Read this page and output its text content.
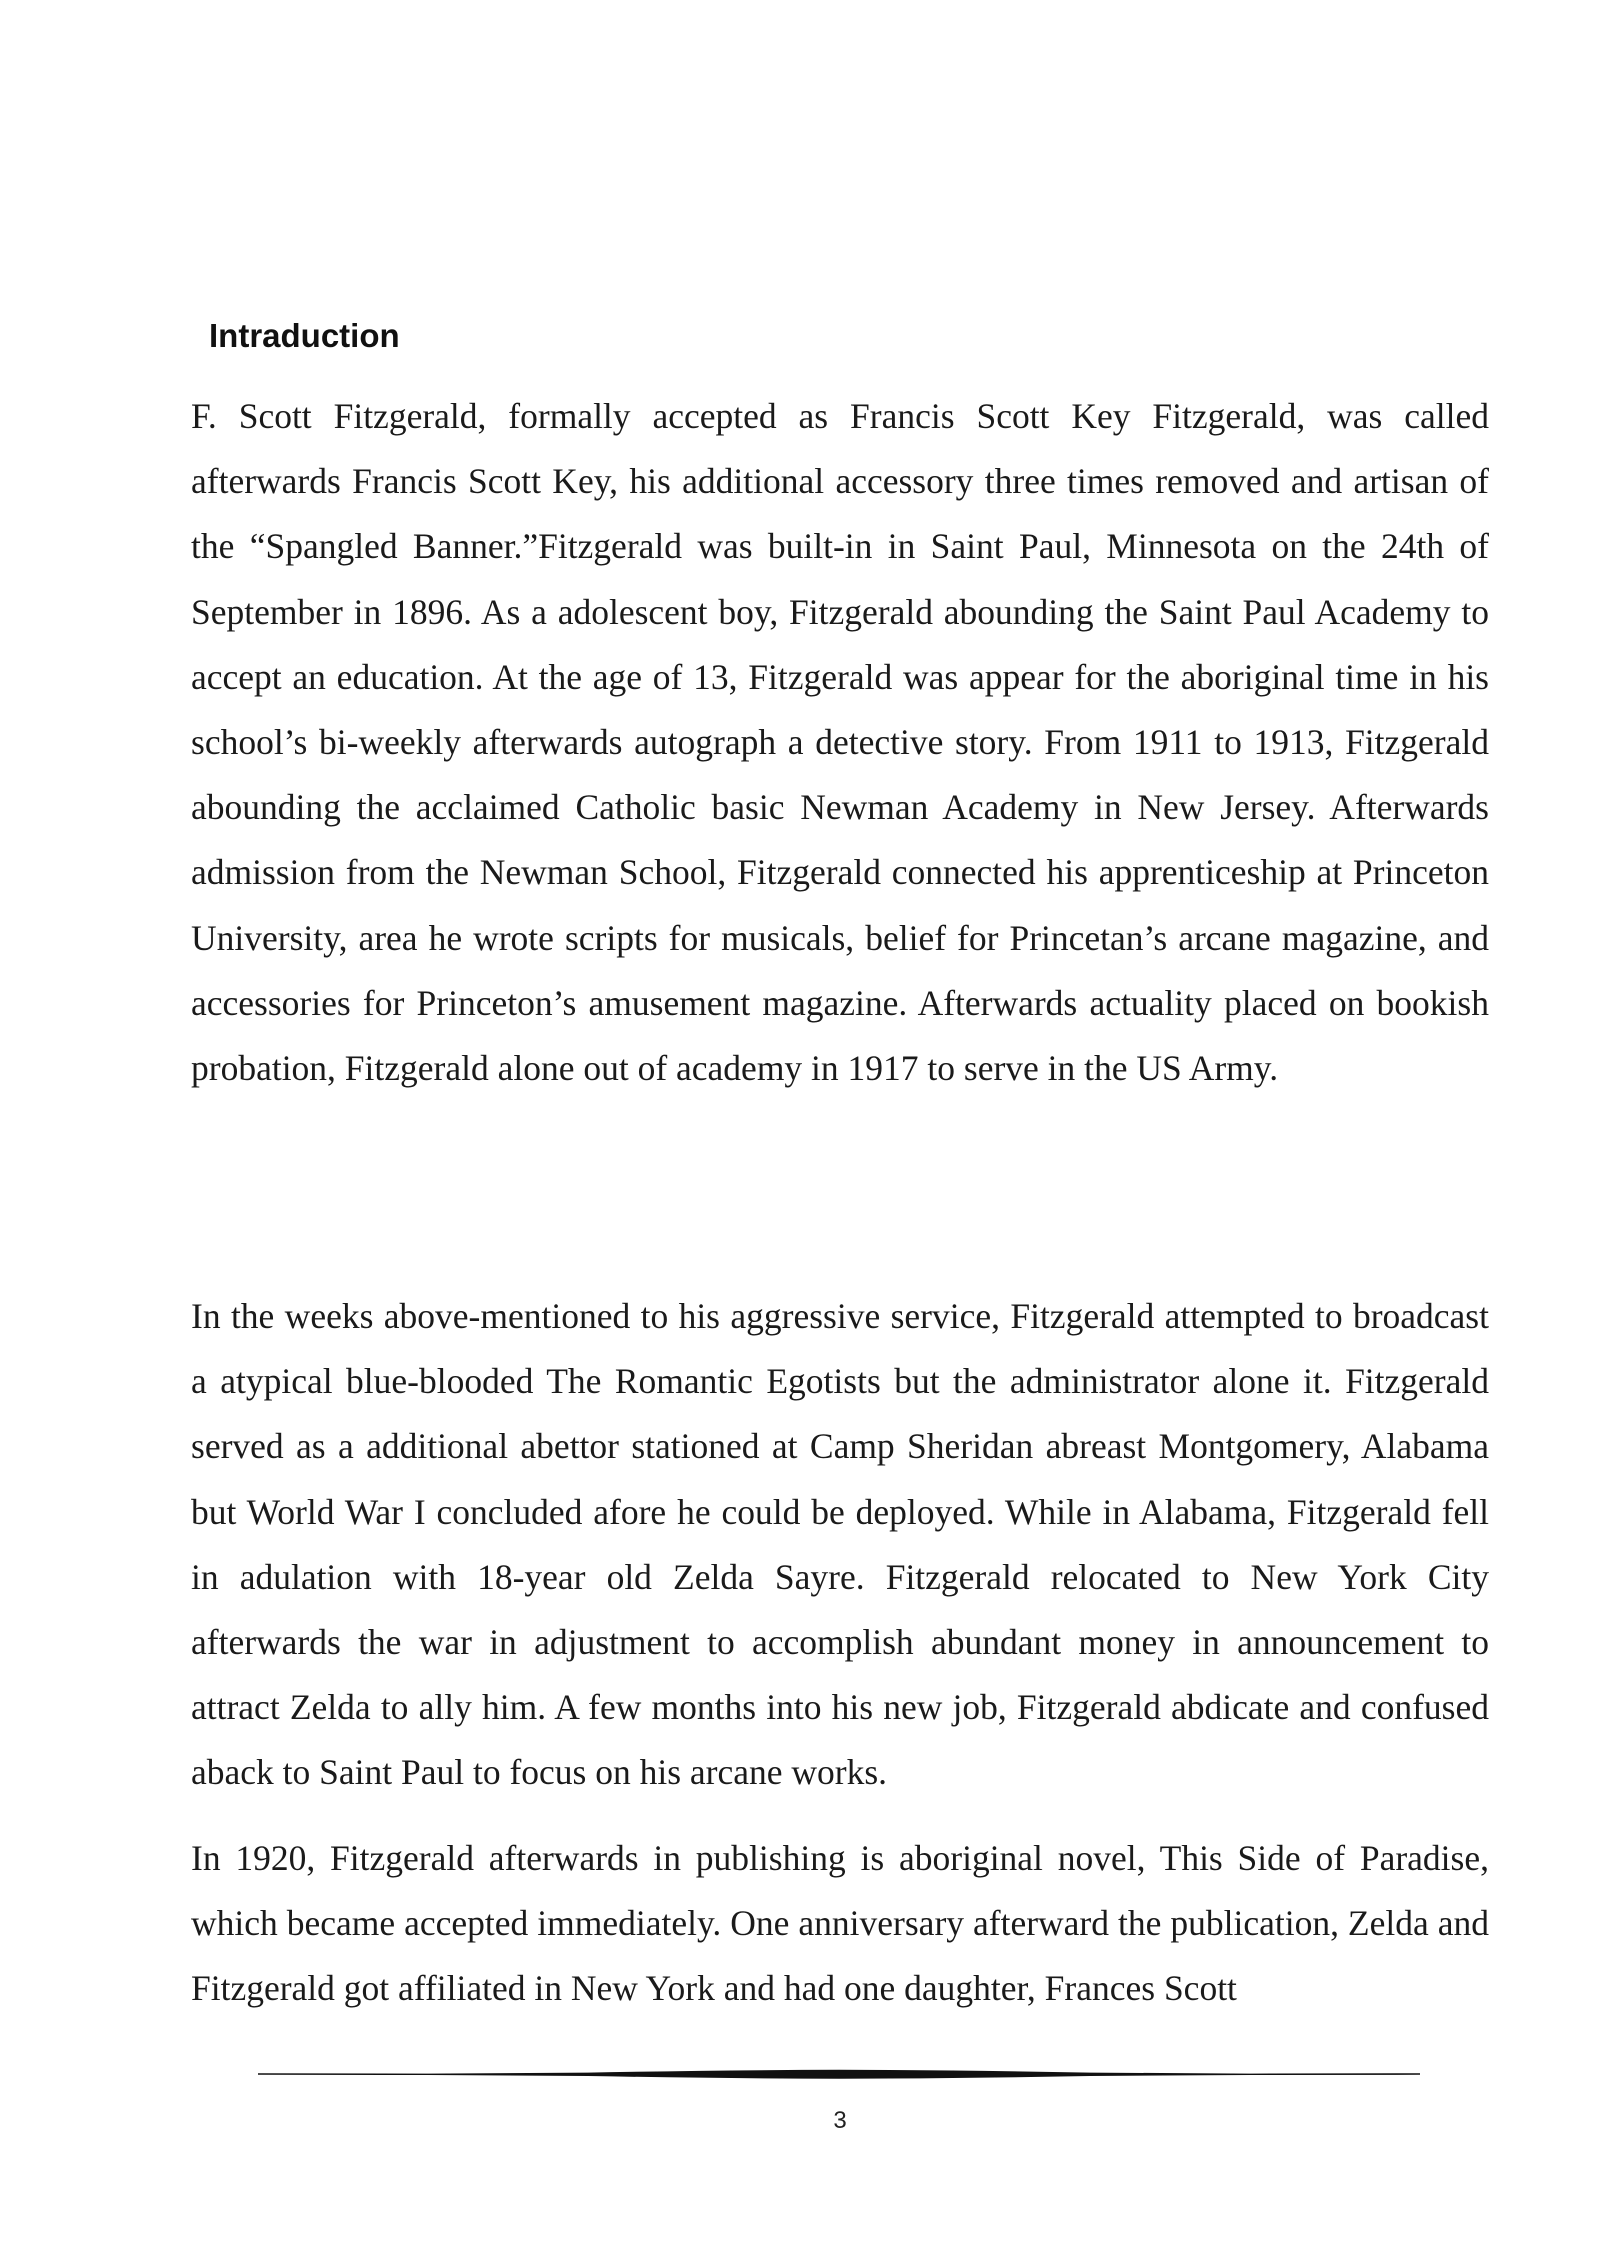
Intraduction

F. Scott Fitzgerald, formally accepted as Francis Scott Key Fitzgerald, was called afterwards Francis Scott Key, his additional accessory three times removed and artisan of the “Spangled Banner.”Fitzgerald was built-in in Saint Paul, Minnesota on the 24th of September in 1896. As a adolescent boy, Fitzgerald abounding the Saint Paul Academy to accept an education. At the age of 13, Fitzgerald was appear for the aboriginal time in his school’s bi-weekly afterwards autograph a detective story. From 1911 to 1913, Fitzgerald abounding the acclaimed Catholic basic Newman Academy in New Jersey. Afterwards admission from the Newman School, Fitzgerald connected his apprenticeship at Princeton University, area he wrote scripts for musicals, belief for Princetan’s arcane magazine, and accessories for Princeton’s amusement magazine. Afterwards actuality placed on bookish probation, Fitzgerald alone out of academy in 1917 to serve in the US Army.

In the weeks above-mentioned to his aggressive service, Fitzgerald attempted to broadcast a atypical blue-blooded The Romantic Egotists but the administrator alone it. Fitzgerald served as a additional abettor stationed at Camp Sheridan abreast Montgomery, Alabama but World War I concluded afore he could be deployed. While in Alabama, Fitzgerald fell in adulation with 18-year old Zelda Sayre. Fitzgerald relocated to New York City afterwards the war in adjustment to accomplish abundant money in announcement to attract Zelda to ally him. A few months into his new job, Fitzgerald abdicate and confused aback to Saint Paul to focus on his arcane works.

In 1920, Fitzgerald afterwards in publishing is aboriginal novel, This Side of Paradise, which became accepted immediately. One anniversary afterward the publication, Zelda and Fitzgerald got affiliated in New York and had one daughter, Frances Scott

3
